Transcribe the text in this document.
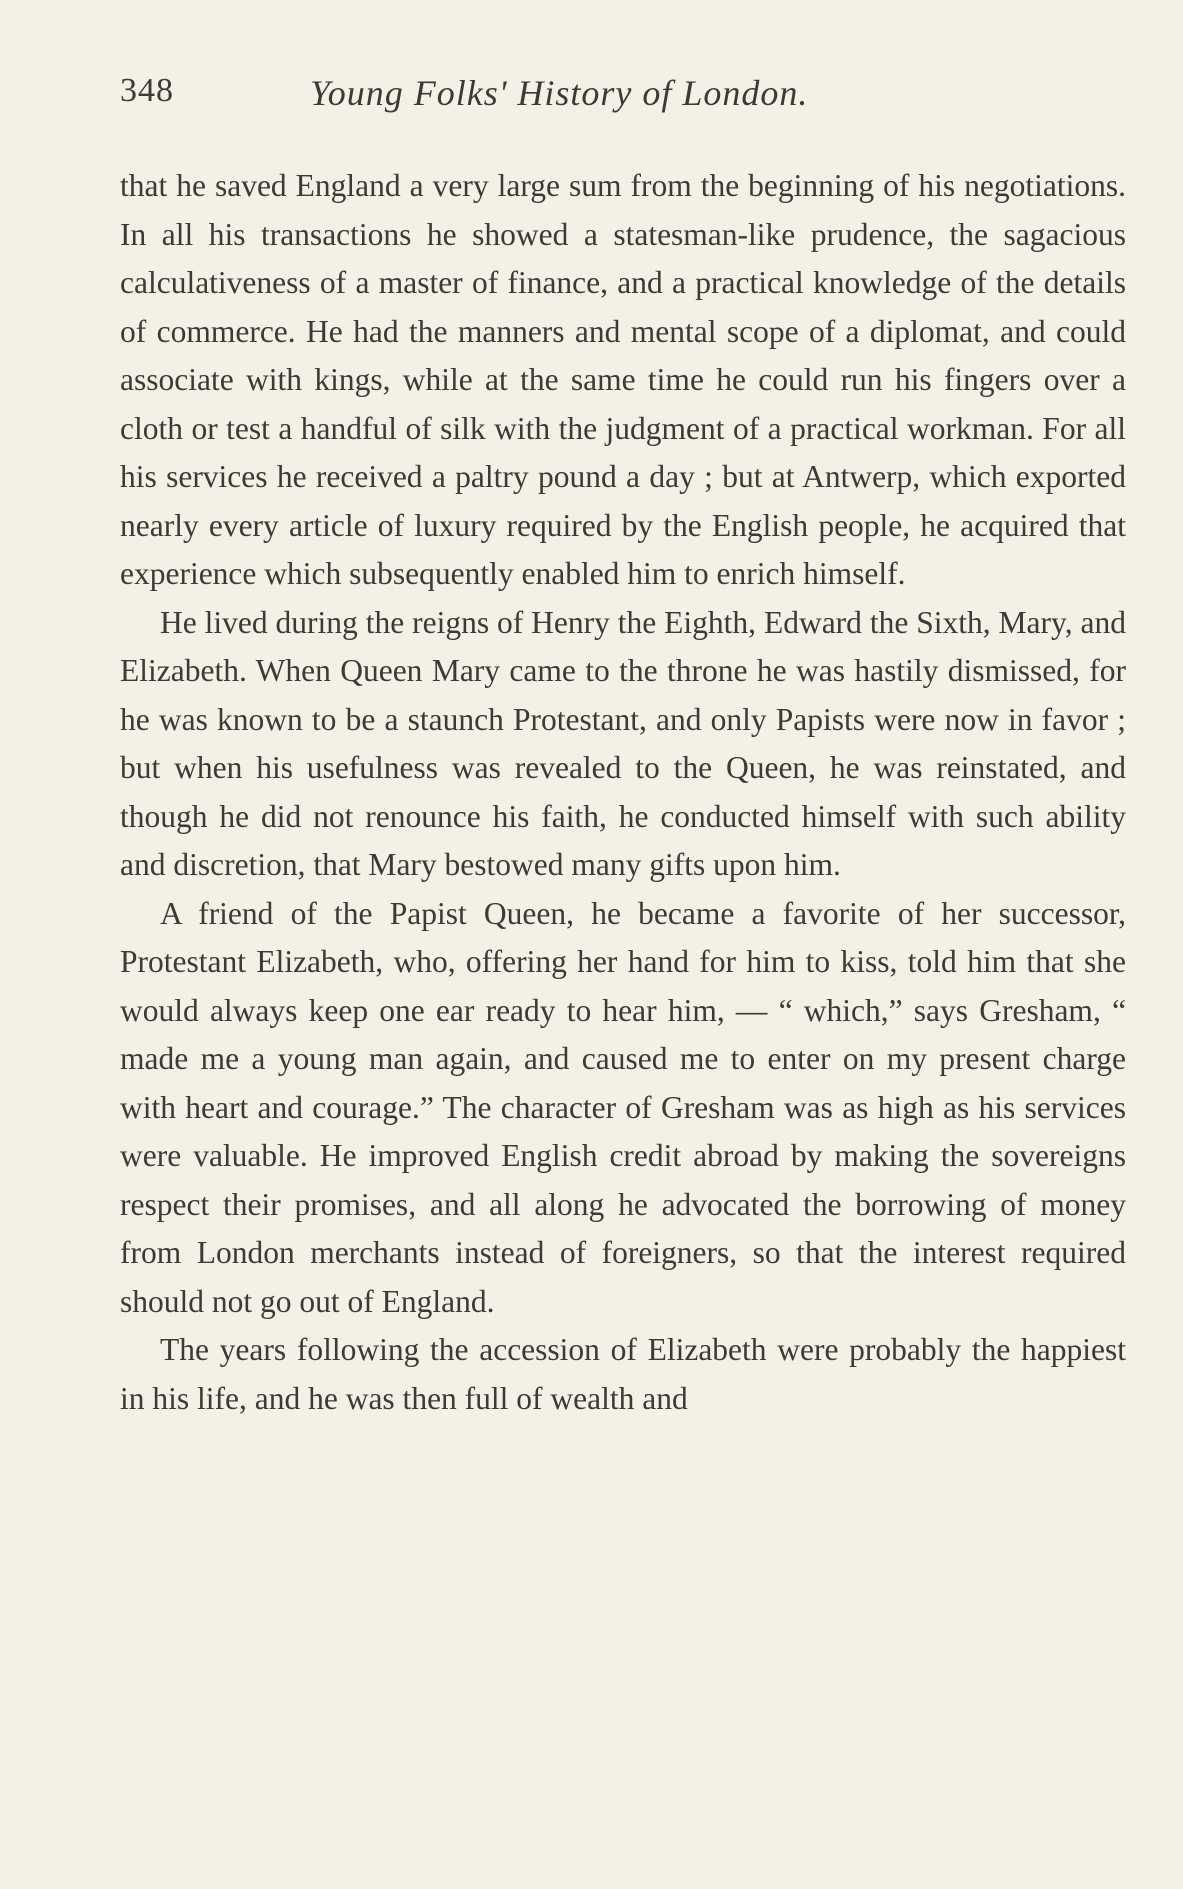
348	Young Folks' History of London.

that he saved England a very large sum from the beginning of his negotiations. In all his transactions he showed a statesman-like prudence, the sagacious calculativeness of a master of finance, and a practical knowledge of the details of commerce. He had the manners and mental scope of a diplomat, and could associate with kings, while at the same time he could run his fingers over a cloth or test a handful of silk with the judgment of a practical workman. For all his services he received a paltry pound a day ; but at Antwerp, which exported nearly every article of luxury required by the English people, he acquired that experience which subsequently enabled him to enrich himself.

He lived during the reigns of Henry the Eighth, Edward the Sixth, Mary, and Elizabeth. When Queen Mary came to the throne he was hastily dismissed, for he was known to be a staunch Protestant, and only Papists were now in favor ; but when his usefulness was revealed to the Queen, he was reinstated, and though he did not renounce his faith, he conducted himself with such ability and discretion, that Mary bestowed many gifts upon him.

A friend of the Papist Queen, he became a favorite of her successor, Protestant Elizabeth, who, offering her hand for him to kiss, told him that she would always keep one ear ready to hear him, — “ which,” says Gresham, “ made me a young man again, and caused me to enter on my present charge with heart and courage.” The character of Gresham was as high as his services were valuable. He improved English credit abroad by making the sovereigns respect their promises, and all along he advocated the borrowing of money from London merchants instead of foreigners, so that the interest required should not go out of England.

The years following the accession of Elizabeth were probably the happiest in his life, and he was then full of wealth and
